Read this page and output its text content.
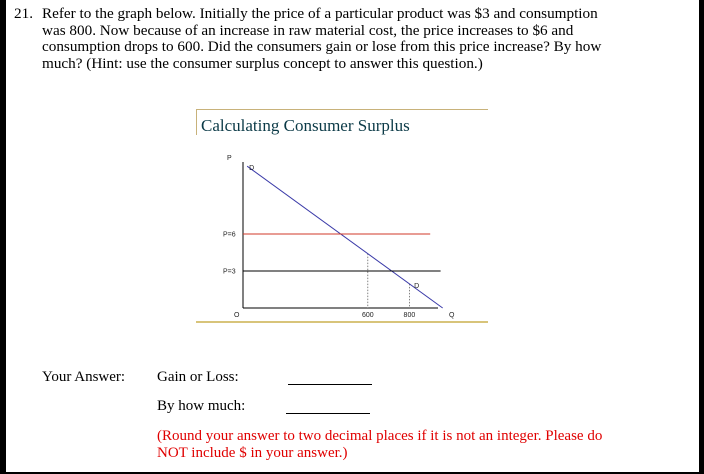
21. Refer to the graph below. Initially the price of a particular product was $3 and consumption
was 800. Now because of an increase in raw material cost, the price increases to $6 and
consumption drops to 600. Did the consumers gain or lose from this price increase? By how
much? (Hint: use the consumer surplus concept to answer this question.)
Calculating Consumer Surplus
P
O	Q
P=6
P=3
600	800
D
D
Your Answer: Gain or Loss:
By how much:
(Round your answer to two decimal places if it is not an integer. Please do
NOT include $ in your answer.)
